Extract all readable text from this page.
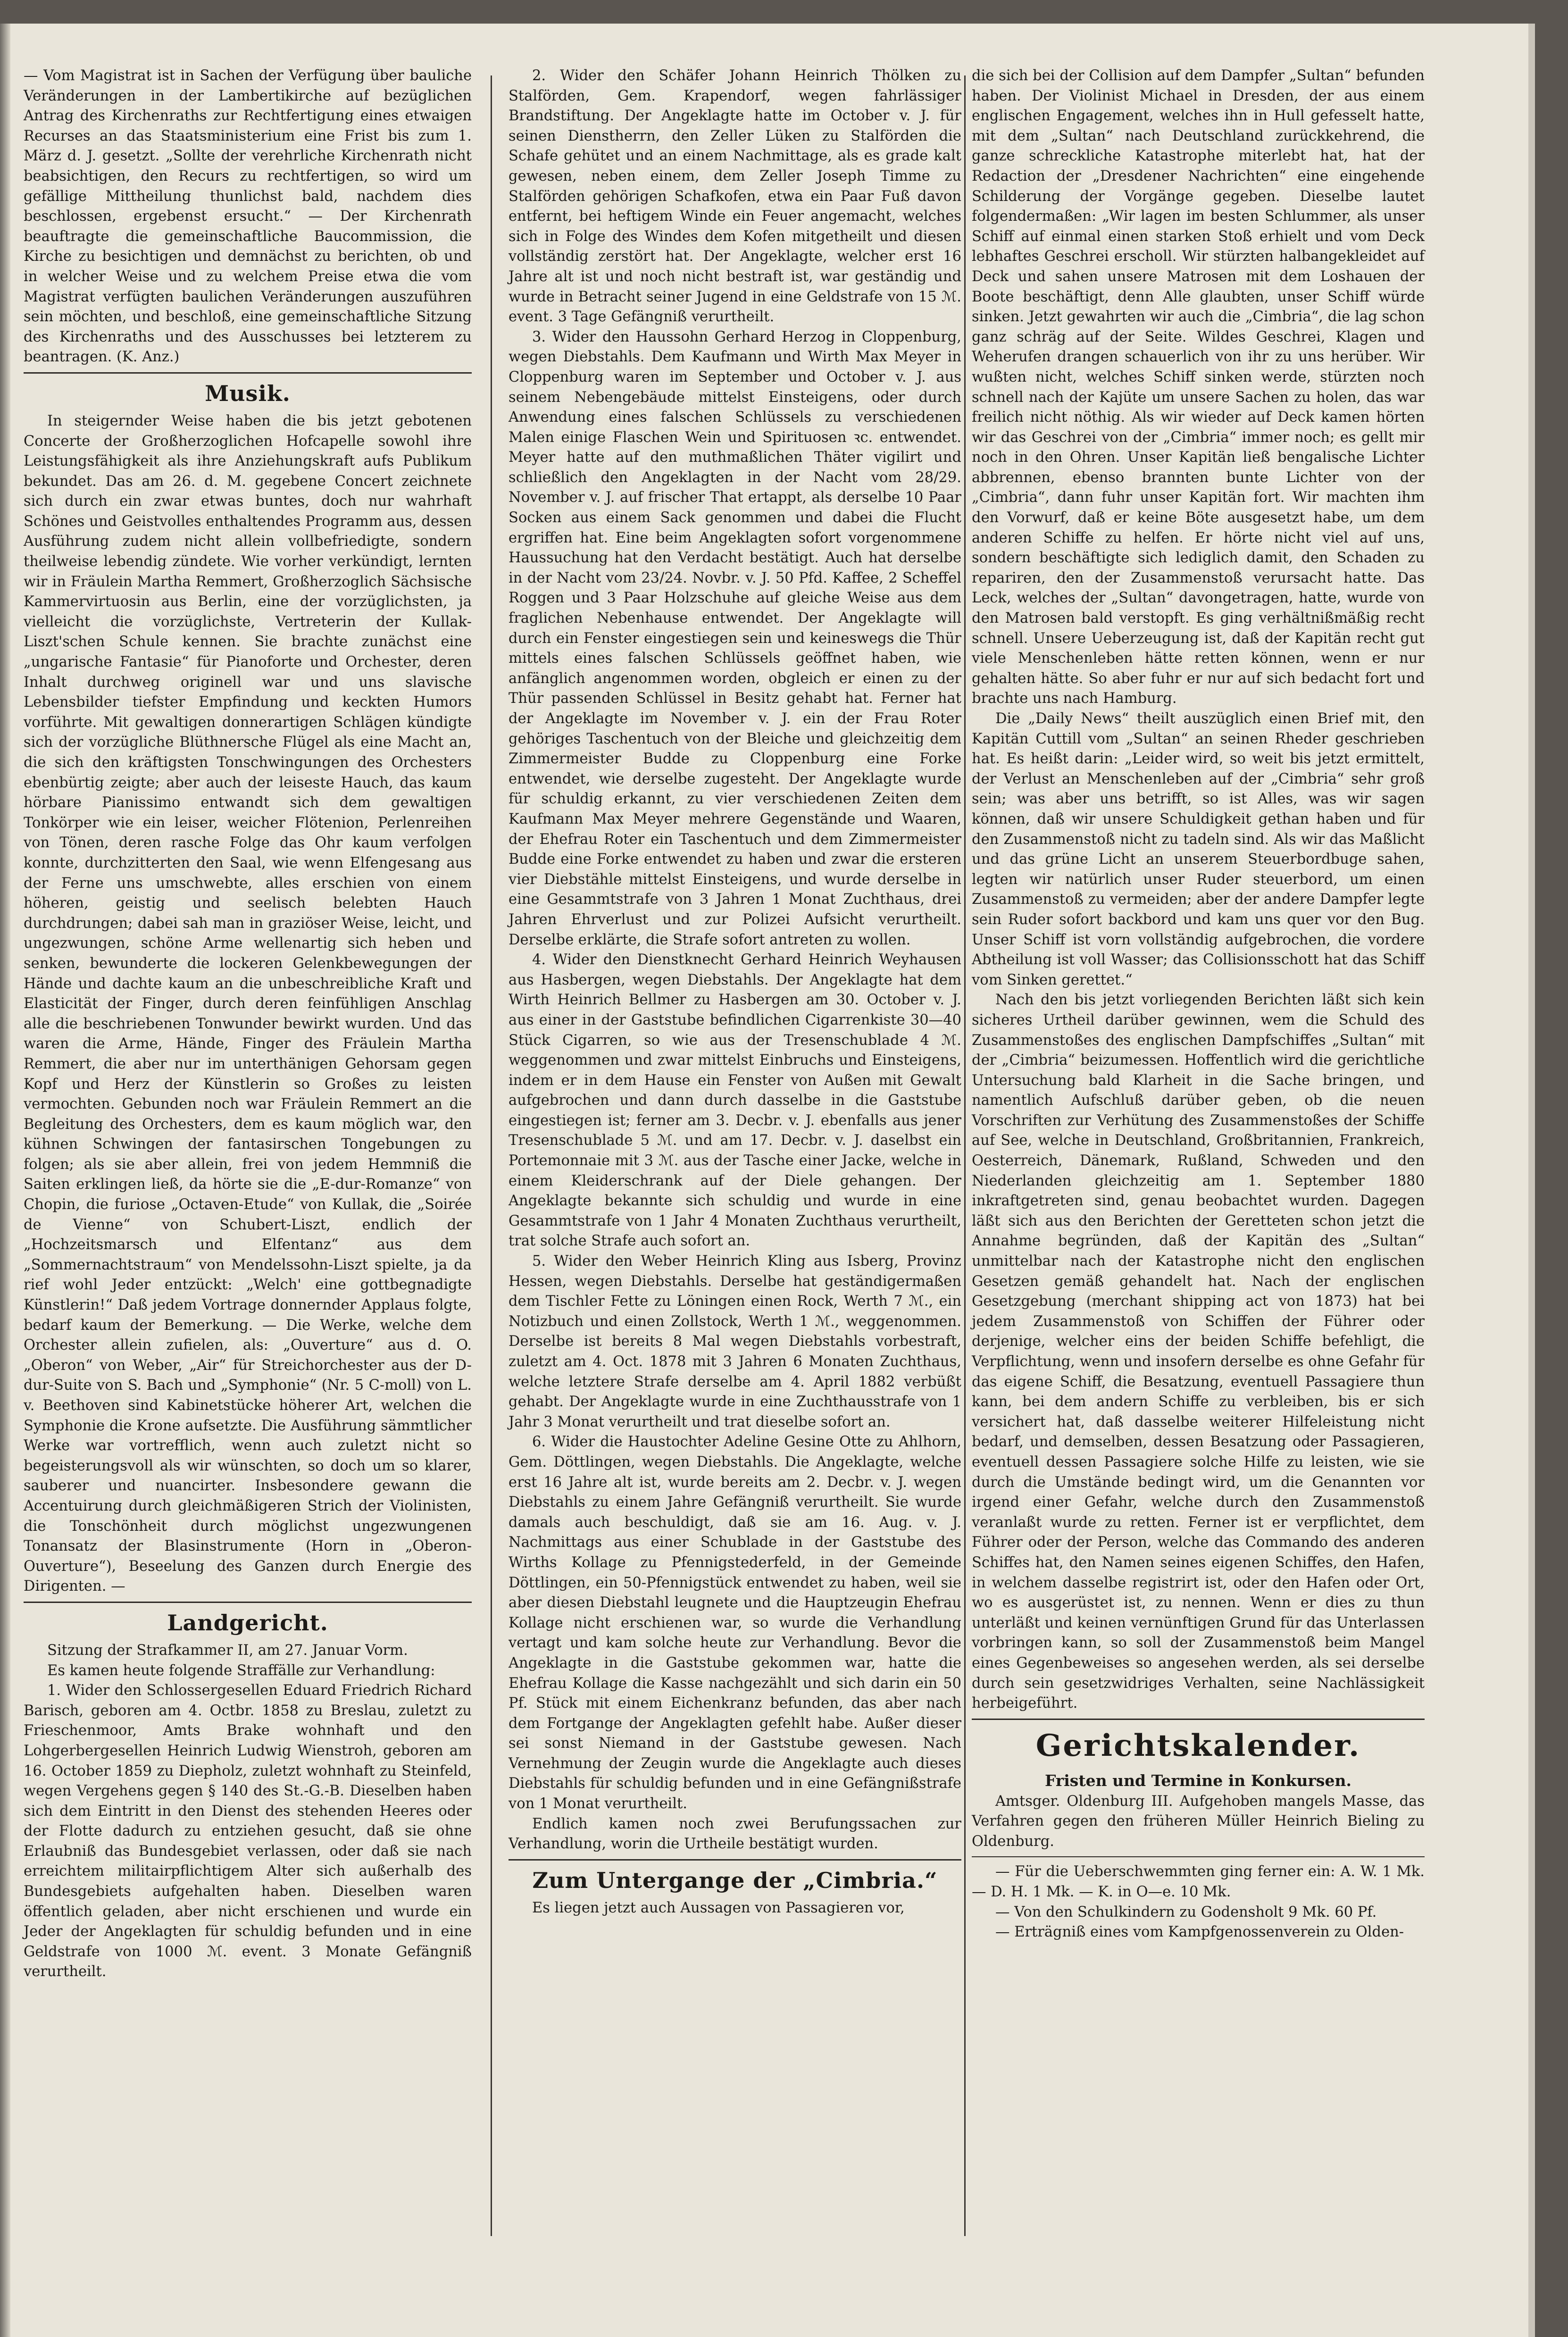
— Vom Magistrat ist in Sachen der Verfügung über bauliche Veränderungen in der Lambertikirche auf bezüglichen Antrag des Kirchenraths zur Rechtfertigung eines etwaigen Recurses an das Staatsministerium eine Frist bis zum 1. März d. J. gesetzt. „Sollte der verehrliche Kirchenrath nicht beabsichtigen, den Recurs zu rechtfertigen, so wird um gefällige Mittheilung thunlichst bald, nachdem dies beschlossen, ergebenst ersucht.“ — Der Kirchenrath beauftragte die gemeinschaftliche Baucommission, die Kirche zu besichtigen und demnächst zu berichten, ob und in welcher Weise und zu welchem Preise etwa die vom Magistrat verfügten baulichen Veränderungen auszuführen sein möchten, und beschloß, eine gemeinschaftliche Sitzung des Kirchenraths und des Ausschusses bei letzterem zu beantragen. (K. Anz.)

Musik.

In steigernder Weise haben die bis jetzt gebotenen Concerte der Großherzoglichen Hofcapelle sowohl ihre Leistungsfähigkeit als ihre Anziehungskraft aufs Publikum bekundet. Das am 26. d. M. gegebene Concert zeichnete sich durch ein zwar etwas buntes, doch nur wahrhaft Schönes und Geistvolles enthaltendes Programm aus, dessen Ausführung zudem nicht allein vollbefriedigte, sondern theilweise lebendig zündete. Wie vorher verkündigt, lernten wir in Fräulein Martha Remmert, Großherzoglich Sächsische Kammervirtuosin aus Berlin, eine der vorzüglichsten, ja vielleicht die vorzüglichste, Vertreterin der Kullak-Liszt'schen Schule kennen. Sie brachte zunächst eine „ungarische Fantasie“ für Pianoforte und Orchester, deren Inhalt durchweg originell war und uns slavische Lebensbilder tiefster Empfindung und keckten Humors vorführte. Mit gewaltigen donnerartigen Schlägen kündigte sich der vorzügliche Blüthnersche Flügel als eine Macht an, die sich den kräftigsten Tonschwingungen des Orchesters ebenbürtig zeigte; aber auch der leiseste Hauch, das kaum hörbare Pianissimo entwandt sich dem gewaltigen Tonkörper wie ein leiser, weicher Flötenion, Perlenreihen von Tönen, deren rasche Folge das Ohr kaum verfolgen konnte, durchzitterten den Saal, wie wenn Elfengesang aus der Ferne uns umschwebte, alles erschien von einem höheren, geistig und seelisch belebten Hauch durchdrungen; dabei sah man in graziöser Weise, leicht, und ungezwungen, schöne Arme wellenartig sich heben und senken, bewunderte die lockeren Gelenkbewegungen der Hände und dachte kaum an die unbeschreibliche Kraft und Elasticität der Finger, durch deren feinfühligen Anschlag alle die beschriebenen Tonwunder bewirkt wurden. Und das waren die Arme, Hände, Finger des Fräulein Martha Remmert, die aber nur im unterthänigen Gehorsam gegen Kopf und Herz der Künstlerin so Großes zu leisten vermochten. Gebunden noch war Fräulein Remmert an die Begleitung des Orchesters, dem es kaum möglich war, den kühnen Schwingen der fantasirschen Tongebungen zu folgen; als sie aber allein, frei von jedem Hemmniß die Saiten erklingen ließ, da hörte sie die „E-dur-Romanze“ von Chopin, die furiose „Octaven-Etude“ von Kullak, die „Soirée de Vienne“ von Schubert-Liszt, endlich der „Hochzeitsmarsch und Elfentanz“ aus dem „Sommernachtstraum“ von Mendelssohn-Liszt spielte, ja da rief wohl Jeder entzückt: „Welch' eine gottbegnadigte Künstlerin!“ Daß jedem Vortrage donnernder Applaus folgte, bedarf kaum der Bemerkung. — Die Werke, welche dem Orchester allein zufielen, als: „Ouverture“ aus d. O. „Oberon“ von Weber, „Air“ für Streichorchester aus der D-dur-Suite von S. Bach und „Symphonie“ (Nr. 5 C-moll) von L. v. Beethoven sind Kabinetstücke höherer Art, welchen die Symphonie die Krone aufsetzte. Die Ausführung sämmtlicher Werke war vortrefflich, wenn auch zuletzt nicht so begeisterungsvoll als wir wünschten, so doch um so klarer, sauberer und nuancirter. Insbesondere gewann die Accentuirung durch gleichmäßigeren Strich der Violinisten, die Tonschönheit durch möglichst ungezwungenen Tonansatz der Blasinstrumente (Horn in „Oberon-Ouverture“), Beseelung des Ganzen durch Energie des Dirigenten. —

Landgericht.

Sitzung der Strafkammer II, am 27. Januar Vorm.

Es kamen heute folgende Straffälle zur Verhandlung:

1. Wider den Schlossergesellen Eduard Friedrich Richard Barisch, geboren am 4. Octbr. 1858 zu Breslau, zuletzt zu Frieschenmoor, Amts Brake wohnhaft und den Lohgerbergesellen Heinrich Ludwig Wienstroh, geboren am 16. October 1859 zu Diepholz, zuletzt wohnhaft zu Steinfeld, wegen Vergehens gegen § 140 des St.-G.-B. Dieselben haben sich dem Eintritt in den Dienst des stehenden Heeres oder der Flotte dadurch zu entziehen gesucht, daß sie ohne Erlaubniß das Bundesgebiet verlassen, oder daß sie nach erreichtem militairpflichtigem Alter sich außerhalb des Bundesgebiets aufgehalten haben. Dieselben waren öffentlich geladen, aber nicht erschienen und wurde ein Jeder der Angeklagten für schuldig befunden und in eine Geldstrafe von 1000 ℳ. event. 3 Monate Gefängniß verurtheilt.

2. Wider den Schäfer Johann Heinrich Thölken zu Stalförden, Gem. Krapendorf, wegen fahrlässiger Brandstiftung. Der Angeklagte hatte im October v. J. für seinen Dienstherrn, den Zeller Lüken zu Stalförden die Schafe gehütet und an einem Nachmittage, als es grade kalt gewesen, neben einem, dem Zeller Joseph Timme zu Stalförden gehörigen Schafkofen, etwa ein Paar Fuß davon entfernt, bei heftigem Winde ein Feuer angemacht, welches sich in Folge des Windes dem Kofen mitgetheilt und diesen vollständig zerstört hat. Der Angeklagte, welcher erst 16 Jahre alt ist und noch nicht bestraft ist, war geständig und wurde in Betracht seiner Jugend in eine Geldstrafe von 15 ℳ. event. 3 Tage Gefängniß verurtheilt.

3. Wider den Haussohn Gerhard Herzog in Cloppenburg, wegen Diebstahls. Dem Kaufmann und Wirth Max Meyer in Cloppenburg waren im September und October v. J. aus seinem Nebengebäude mittelst Einsteigens, oder durch Anwendung eines falschen Schlüssels zu verschiedenen Malen einige Flaschen Wein und Spirituosen ꝛc. entwendet. Meyer hatte auf den muthmaßlichen Thäter vigilirt und schließlich den Angeklagten in der Nacht vom 28/29. November v. J. auf frischer That ertappt, als derselbe 10 Paar Socken aus einem Sack genommen und dabei die Flucht ergriffen hat. Eine beim Angeklagten sofort vorgenommene Haussuchung hat den Verdacht bestätigt. Auch hat derselbe in der Nacht vom 23/24. Novbr. v. J. 50 Pfd. Kaffee, 2 Scheffel Roggen und 3 Paar Holzschuhe auf gleiche Weise aus dem fraglichen Nebenhause entwendet. Der Angeklagte will durch ein Fenster eingestiegen sein und keineswegs die Thür mittels eines falschen Schlüssels geöffnet haben, wie anfänglich angenommen worden, obgleich er einen zu der Thür passenden Schlüssel in Besitz gehabt hat. Ferner hat der Angeklagte im November v. J. ein der Frau Roter gehöriges Taschentuch von der Bleiche und gleichzeitig dem Zimmermeister Budde zu Cloppenburg eine Forke entwendet, wie derselbe zugesteht. Der Angeklagte wurde für schuldig erkannt, zu vier verschiedenen Zeiten dem Kaufmann Max Meyer mehrere Gegenstände und Waaren, der Ehefrau Roter ein Taschentuch und dem Zimmermeister Budde eine Forke entwendet zu haben und zwar die ersteren vier Diebstähle mittelst Einsteigens, und wurde derselbe in eine Gesammtstrafe von 3 Jahren 1 Monat Zuchthaus, drei Jahren Ehrverlust und zur Polizei Aufsicht verurtheilt. Derselbe erklärte, die Strafe sofort antreten zu wollen.

4. Wider den Dienstknecht Gerhard Heinrich Weyhausen aus Hasbergen, wegen Diebstahls. Der Angeklagte hat dem Wirth Heinrich Bellmer zu Hasbergen am 30. October v. J. aus einer in der Gaststube befindlichen Cigarrenkiste 30—40 Stück Cigarren, so wie aus der Tresenschublade 4 ℳ. weggenommen und zwar mittelst Einbruchs und Einsteigens, indem er in dem Hause ein Fenster von Außen mit Gewalt aufgebrochen und dann durch dasselbe in die Gaststube eingestiegen ist; ferner am 3. Decbr. v. J. ebenfalls aus jener Tresenschublade 5 ℳ. und am 17. Decbr. v. J. daselbst ein Portemonnaie mit 3 ℳ. aus der Tasche einer Jacke, welche in einem Kleiderschrank auf der Diele gehangen. Der Angeklagte bekannte sich schuldig und wurde in eine Gesammtstrafe von 1 Jahr 4 Monaten Zuchthaus verurtheilt, trat solche Strafe auch sofort an.

5. Wider den Weber Heinrich Kling aus Isberg, Provinz Hessen, wegen Diebstahls. Derselbe hat geständigermaßen dem Tischler Fette zu Löningen einen Rock, Werth 7 ℳ., ein Notizbuch und einen Zollstock, Werth 1 ℳ., weggenommen. Derselbe ist bereits 8 Mal wegen Diebstahls vorbestraft, zuletzt am 4. Oct. 1878 mit 3 Jahren 6 Monaten Zuchthaus, welche letztere Strafe derselbe am 4. April 1882 verbüßt gehabt. Der Angeklagte wurde in eine Zuchthausstrafe von 1 Jahr 3 Monat verurtheilt und trat dieselbe sofort an.

6. Wider die Haustochter Adeline Gesine Otte zu Ahlhorn, Gem. Döttlingen, wegen Diebstahls. Die Angeklagte, welche erst 16 Jahre alt ist, wurde bereits am 2. Decbr. v. J. wegen Diebstahls zu einem Jahre Gefängniß verurtheilt. Sie wurde damals auch beschuldigt, daß sie am 16. Aug. v. J. Nachmittags aus einer Schublade in der Gaststube des Wirths Kollage zu Pfennigstederfeld, in der Gemeinde Döttlingen, ein 50-Pfennigstück entwendet zu haben, weil sie aber diesen Diebstahl leugnete und die Hauptzeugin Ehefrau Kollage nicht erschienen war, so wurde die Verhandlung vertagt und kam solche heute zur Verhandlung. Bevor die Angeklagte in die Gaststube gekommen war, hatte die Ehefrau Kollage die Kasse nachgezählt und sich darin ein 50 Pf. Stück mit einem Eichenkranz befunden, das aber nach dem Fortgange der Angeklagten gefehlt habe. Außer dieser sei sonst Niemand in der Gaststube gewesen. Nach Vernehmung der Zeugin wurde die Angeklagte auch dieses Diebstahls für schuldig befunden und in eine Gefängnißstrafe von 1 Monat verurtheilt.

Endlich kamen noch zwei Berufungssachen zur Verhandlung, worin die Urtheile bestätigt wurden.

Zum Untergange der „Cimbria.“

Es liegen jetzt auch Aussagen von Passagieren vor,

die sich bei der Collision auf dem Dampfer „Sultan“ befunden haben. Der Violinist Michael in Dresden, der aus einem englischen Engagement, welches ihn in Hull gefesselt hatte, mit dem „Sultan“ nach Deutschland zurückkehrend, die ganze schreckliche Katastrophe miterlebt hat, hat der Redaction der „Dresdener Nachrichten“ eine eingehende Schilderung der Vorgänge gegeben. Dieselbe lautet folgendermaßen: „Wir lagen im besten Schlummer, als unser Schiff auf einmal einen starken Stoß erhielt und vom Deck lebhaftes Geschrei erscholl. Wir stürzten halbangekleidet auf Deck und sahen unsere Matrosen mit dem Loshauen der Boote beschäftigt, denn Alle glaubten, unser Schiff würde sinken. Jetzt gewahrten wir auch die „Cimbria“, die lag schon ganz schräg auf der Seite. Wildes Geschrei, Klagen und Weherufen drangen schauerlich von ihr zu uns herüber. Wir wußten nicht, welches Schiff sinken werde, stürzten noch schnell nach der Kajüte um unsere Sachen zu holen, das war freilich nicht nöthig. Als wir wieder auf Deck kamen hörten wir das Geschrei von der „Cimbria“ immer noch; es gellt mir noch in den Ohren. Unser Kapitän ließ bengalische Lichter abbrennen, ebenso brannten bunte Lichter von der „Cimbria“, dann fuhr unser Kapitän fort. Wir machten ihm den Vorwurf, daß er keine Böte ausgesetzt habe, um dem anderen Schiffe zu helfen. Er hörte nicht viel auf uns, sondern beschäftigte sich lediglich damit, den Schaden zu repariren, den der Zusammenstoß verursacht hatte. Das Leck, welches der „Sultan“ davongetragen, hatte, wurde von den Matrosen bald verstopft. Es ging verhältnißmäßig recht schnell. Unsere Ueberzeugung ist, daß der Kapitän recht gut viele Menschenleben hätte retten können, wenn er nur gehalten hätte. So aber fuhr er nur auf sich bedacht fort und brachte uns nach Hamburg.

Die „Daily News“ theilt auszüglich einen Brief mit, den Kapitän Cuttill vom „Sultan“ an seinen Rheder geschrieben hat. Es heißt darin: „Leider wird, so weit bis jetzt ermittelt, der Verlust an Menschenleben auf der „Cimbria“ sehr groß sein; was aber uns betrifft, so ist Alles, was wir sagen können, daß wir unsere Schuldigkeit gethan haben und für den Zusammenstoß nicht zu tadeln sind. Als wir das Maßlicht und das grüne Licht an unserem Steuerbordbuge sahen, legten wir natürlich unser Ruder steuerbord, um einen Zusammenstoß zu vermeiden; aber der andere Dampfer legte sein Ruder sofort backbord und kam uns quer vor den Bug. Unser Schiff ist vorn vollständig aufgebrochen, die vordere Abtheilung ist voll Wasser; das Collisionsschott hat das Schiff vom Sinken gerettet.“

Nach den bis jetzt vorliegenden Berichten läßt sich kein sicheres Urtheil darüber gewinnen, wem die Schuld des Zusammenstoßes des englischen Dampfschiffes „Sultan“ mit der „Cimbria“ beizumessen. Hoffentlich wird die gerichtliche Untersuchung bald Klarheit in die Sache bringen, und namentlich Aufschluß darüber geben, ob die neuen Vorschriften zur Verhütung des Zusammenstoßes der Schiffe auf See, welche in Deutschland, Großbritannien, Frankreich, Oesterreich, Dänemark, Rußland, Schweden und den Niederlanden gleichzeitig am 1. September 1880 inkraftgetreten sind, genau beobachtet wurden. Dagegen läßt sich aus den Berichten der Geretteten schon jetzt die Annahme begründen, daß der Kapitän des „Sultan“ unmittelbar nach der Katastrophe nicht den englischen Gesetzen gemäß gehandelt hat. Nach der englischen Gesetzgebung (merchant shipping act von 1873) hat bei jedem Zusammenstoß von Schiffen der Führer oder derjenige, welcher eins der beiden Schiffe befehligt, die Verpflichtung, wenn und insofern derselbe es ohne Gefahr für das eigene Schiff, die Besatzung, eventuell Passagiere thun kann, bei dem andern Schiffe zu verbleiben, bis er sich versichert hat, daß dasselbe weiterer Hilfeleistung nicht bedarf, und demselben, dessen Besatzung oder Passagieren, eventuell dessen Passagiere solche Hilfe zu leisten, wie sie durch die Umstände bedingt wird, um die Genannten vor irgend einer Gefahr, welche durch den Zusammenstoß veranlaßt wurde zu retten. Ferner ist er verpflichtet, dem Führer oder der Person, welche das Commando des anderen Schiffes hat, den Namen seines eigenen Schiffes, den Hafen, in welchem dasselbe registrirt ist, oder den Hafen oder Ort, wo es ausgerüstet ist, zu nennen. Wenn er dies zu thun unterläßt und keinen vernünftigen Grund für das Unterlassen vorbringen kann, so soll der Zusammenstoß beim Mangel eines Gegenbeweises so angesehen werden, als sei derselbe durch sein gesetzwidriges Verhalten, seine Nachlässigkeit herbeigeführt.

Gerichtskalender.
Fristen und Termine in Konkursen.

Amtsger. Oldenburg III. Aufgehoben mangels Masse, das Verfahren gegen den früheren Müller Heinrich Bieling zu Oldenburg.

— Für die Ueberschwemmten ging ferner ein: A. W. 1 Mk. — D. H. 1 Mk. — K. in O—e. 10 Mk.

— Von den Schulkindern zu Godensholt 9 Mk. 60 Pf.

— Erträgniß eines vom Kampfgenossenverein zu Olden-
